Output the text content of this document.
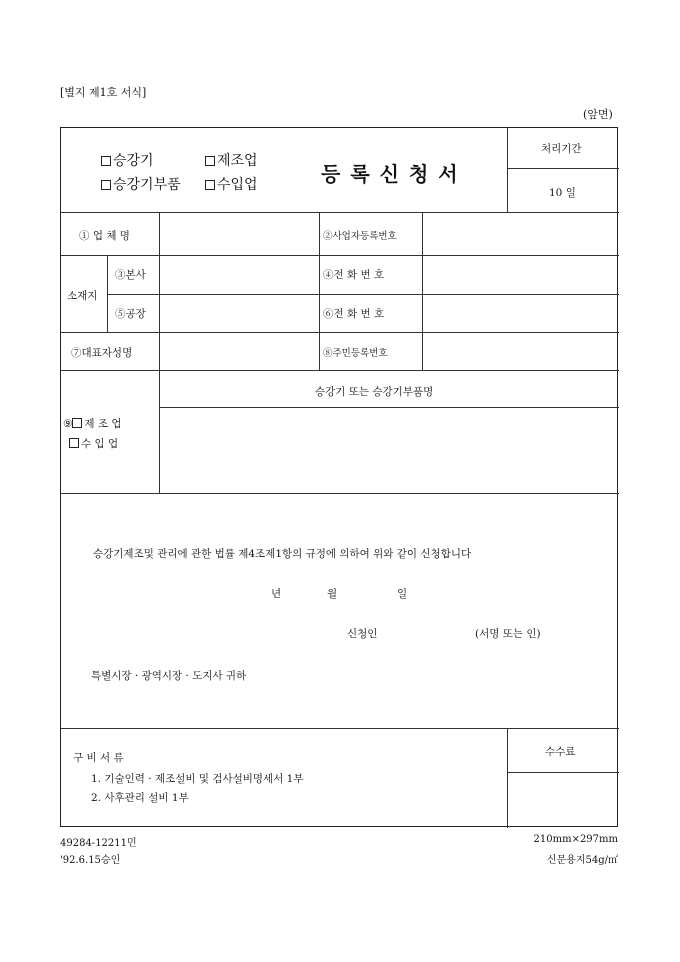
[별지 제1호 서식]
(앞면)
승강기	제조업
승강기부품	수입업	등록신청서
처리기간
10 일
① 업 체 명	②사업자등록번호
소재지
③본사	④전 화 번 호
⑤공장	⑥전 화 번 호
⑦대표자성명	⑧주민등록번호
⑨ 제 조 업
수 입 업
승강기 또는 승강기부품명
승강기제조및 관리에 관한 법률 제4조제1항의 규정에 의하여 위와 같이 신청합니다
년	월	일
신청인	(서명 또는 인)
특별시장 · 광역시장 · 도지사 귀하
구 비 서 류
1. 기술인력 · 제조설비 및 검사설비명세서 1부
2. 사후관리 설비 1부
수수료
49284-12211민
'92.6.15승인
210mm×297mm
신문용지54g/㎡
